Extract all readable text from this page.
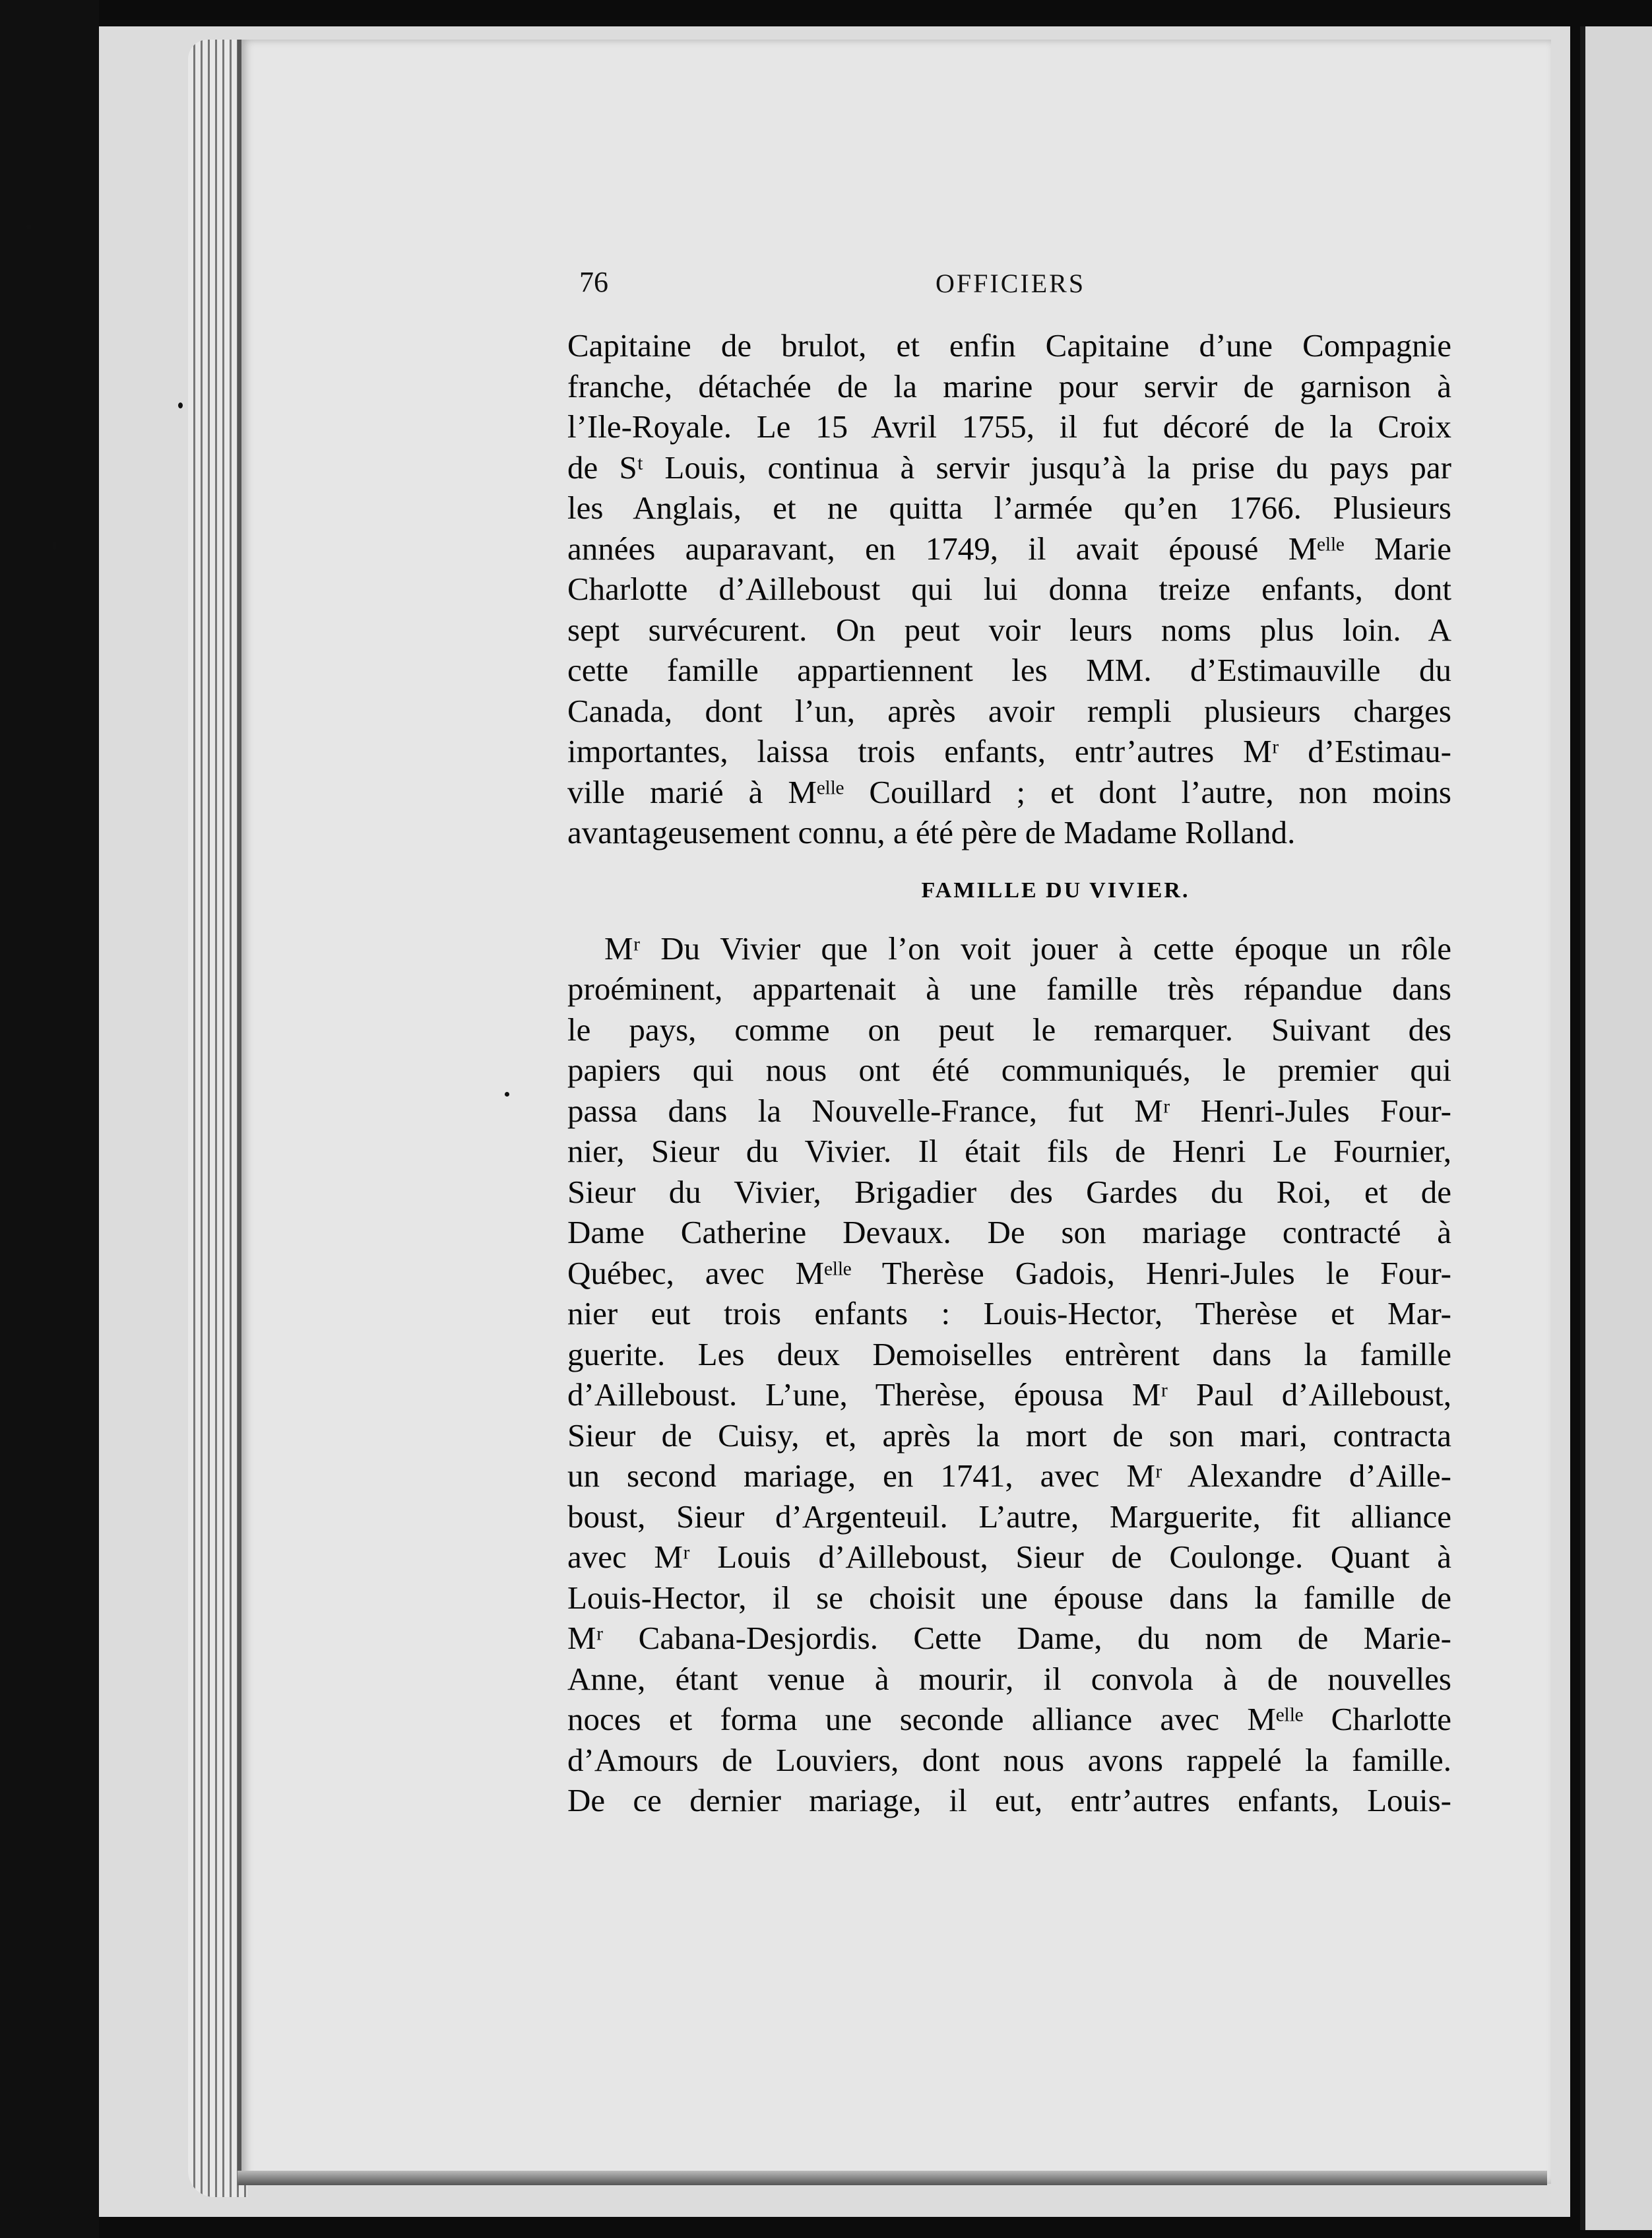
76	OFFICIERS
Capitaine de brulot, et enfin Capitaine d’une Compagnie
franche, détachée de la marine pour servir de garnison à
l’Ile-Royale. Le 15 Avril 1755, il fut décoré de la Croix
de Sᵗ Louis, continua à servir jusqu’à la prise du pays par
les Anglais, et ne quitta l’armée qu’en 1766. Plusieurs
années auparavant, en 1749, il avait épousé Mᵉˡˡᵉ Marie
Charlotte d’Ailleboust qui lui donna treize enfants, dont
sept survécurent. On peut voir leurs noms plus loin. A
cette famille appartiennent les MM. d’Estimauville du
Canada, dont l’un, après avoir rempli plusieurs charges
importantes, laissa trois enfants, entr’autres Mʳ d’Estimau-
ville marié à Mᵉˡˡᵉ Couillard ; et dont l’autre, non moins
avantageusement connu, a été père de Madame Rolland.
FAMILLE DU VIVIER.
Mʳ Du Vivier que l’on voit jouer à cette époque un rôle
proéminent, appartenait à une famille très répandue dans
le pays, comme on peut le remarquer. Suivant des
papiers qui nous ont été communiqués, le premier qui
passa dans la Nouvelle-France, fut Mʳ Henri-Jules Four-
nier, Sieur du Vivier. Il était fils de Henri Le Fournier,
Sieur du Vivier, Brigadier des Gardes du Roi, et de
Dame Catherine Devaux. De son mariage contracté à
Québec, avec Mᵉˡˡᵉ Therèse Gadois, Henri-Jules le Four-
nier eut trois enfants : Louis-Hector, Therèse et Mar-
guerite. Les deux Demoiselles entrèrent dans la famille
d’Ailleboust. L’une, Therèse, épousa Mʳ Paul d’Ailleboust,
Sieur de Cuisy, et, après la mort de son mari, contracta
un second mariage, en 1741, avec Mʳ Alexandre d’Aille-
boust, Sieur d’Argenteuil. L’autre, Marguerite, fit alliance
avec Mʳ Louis d’Ailleboust, Sieur de Coulonge. Quant à
Louis-Hector, il se choisit une épouse dans la famille de
Mʳ Cabana-Desjordis. Cette Dame, du nom de Marie-
Anne, étant venue à mourir, il convola à de nouvelles
noces et forma une seconde alliance avec Mᵉˡˡᵉ Charlotte
d’Amours de Louviers, dont nous avons rappelé la famille.
De ce dernier mariage, il eut, entr’autres enfants, Louis-
